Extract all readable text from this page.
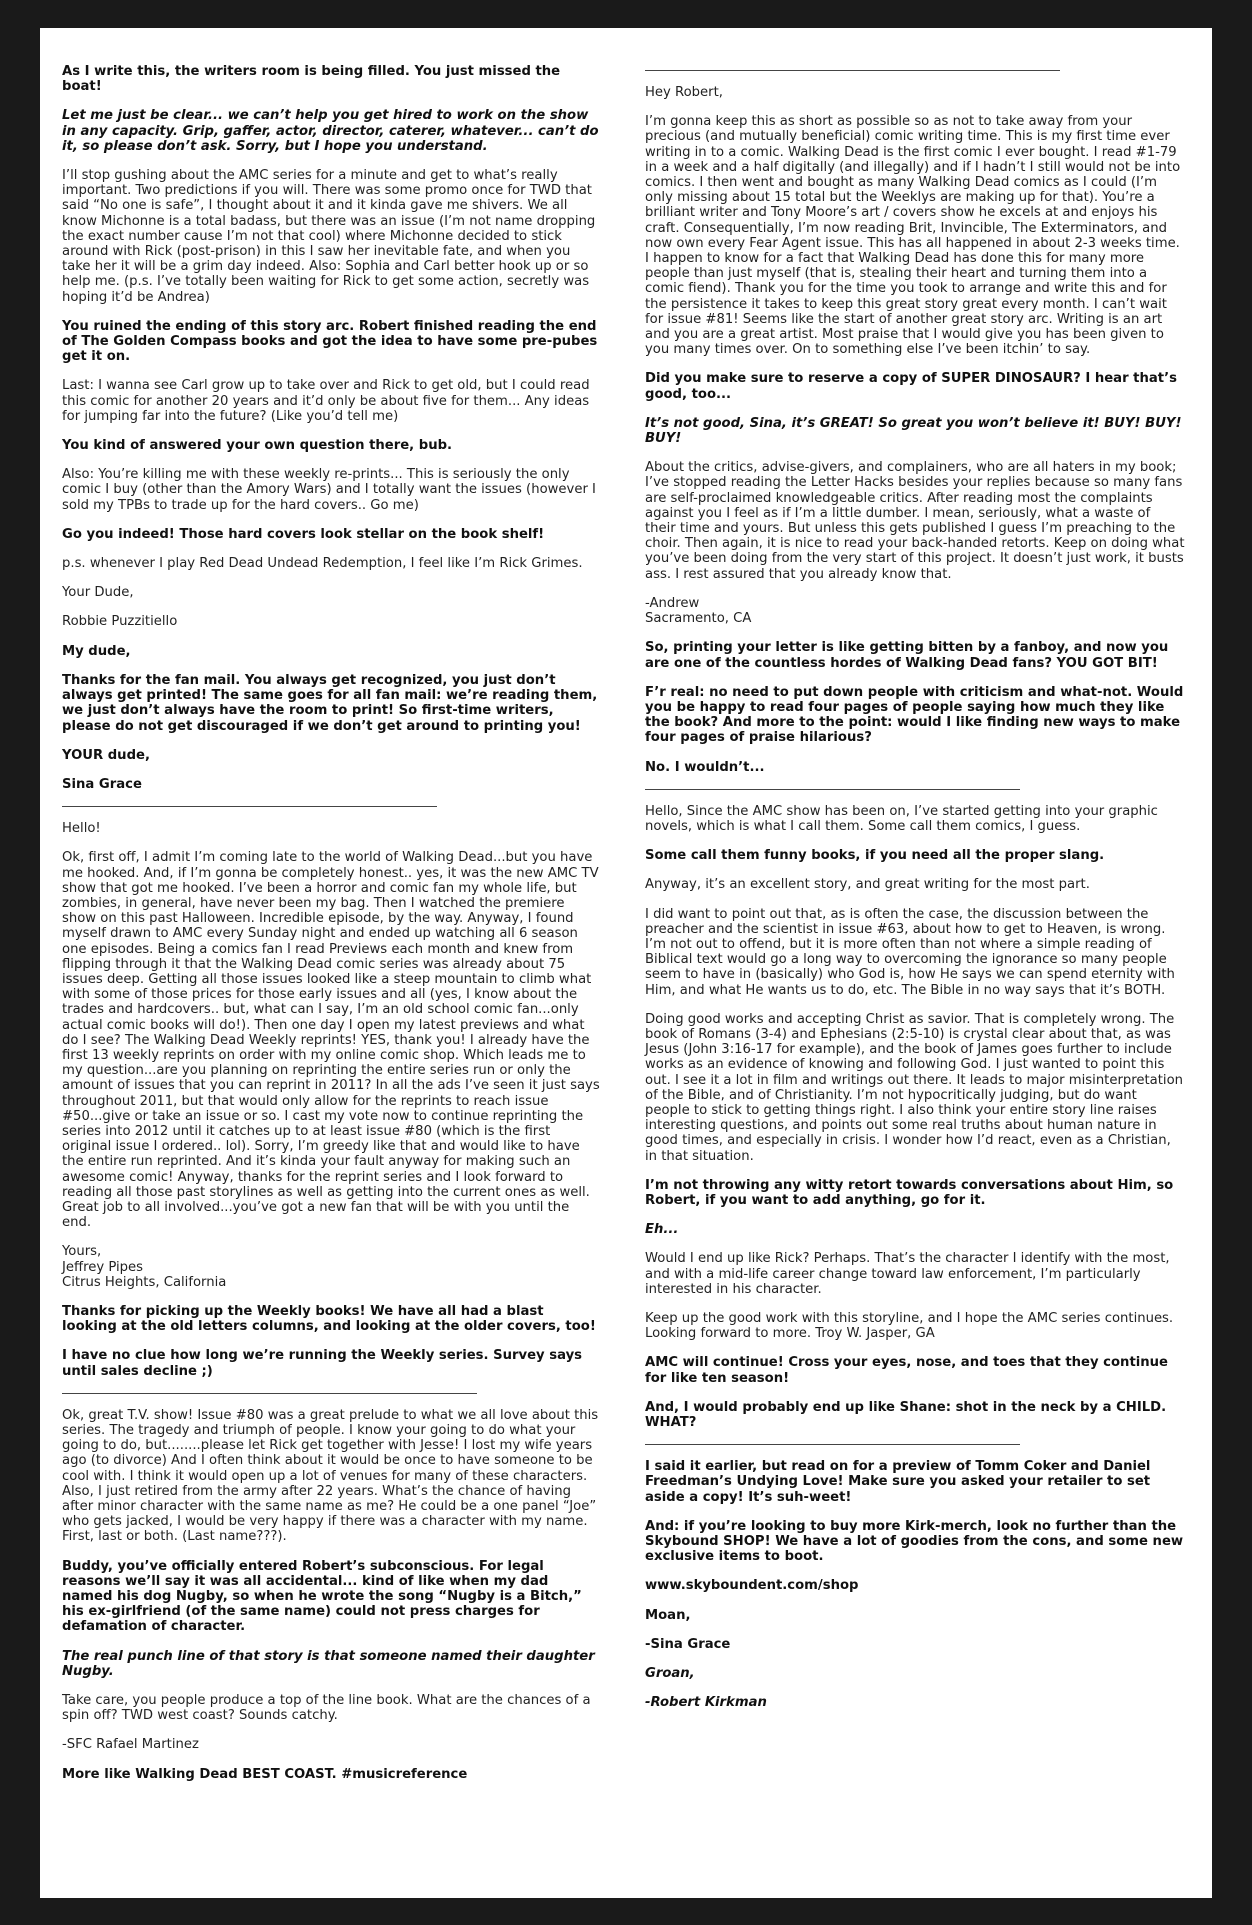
As I write this, the writers room is being filled. You just missed the boat!

Let me just be clear... we can’t help you get hired to work on the show in any capacity. Grip, gaffer, actor, director, caterer, whatever... can’t do it, so please don’t ask. Sorry, but I hope you understand.

I’ll stop gushing about the AMC series for a minute and get to what’s really important. Two predictions if you will. There was some promo once for TWD that said “No one is safe”, I thought about it and it kinda gave me shivers. We all know Michonne is a total badass, but there was an issue (I’m not name dropping the exact number cause I’m not that cool) where Michonne decided to stick around with Rick (post-prison) in this I saw her inevitable fate, and when you take her it will be a grim day indeed. Also: Sophia and Carl better hook up or so help me. (p.s. I’ve totally been waiting for Rick to get some action, secretly was hoping it’d be Andrea)

You ruined the ending of this story arc. Robert finished reading the end of The Golden Compass books and got the idea to have some pre-pubes get it on.

Last: I wanna see Carl grow up to take over and Rick to get old, but I could read this comic for another 20 years and it’d only be about five for them... Any ideas for jumping far into the future? (Like you’d tell me)

You kind of answered your own question there, bub.

Also: You’re killing me with these weekly re-prints... This is seriously the only comic I buy (other than the Amory Wars) and I totally want the issues (however I sold my TPBs to trade up for the hard covers.. Go me)

Go you indeed! Those hard covers look stellar on the book shelf!

p.s. whenever I play Red Dead Undead Redemption, I feel like I’m Rick Grimes.

Your Dude,

Robbie Puzzitiello

My dude,

Thanks for the fan mail. You always get recognized, you just don’t always get printed! The same goes for all fan mail: we’re reading them, we just don’t always have the room to print! So first-time writers, please do not get discouraged if we don’t get around to printing you!

YOUR dude,

Sina Grace

Hello!

Ok, first off, I admit I’m coming late to the world of Walking Dead...but you have me hooked. And, if I’m gonna be completely honest.. yes, it was the new AMC TV show that got me hooked. I’ve been a horror and comic fan my whole life, but zombies, in general, have never been my bag. Then I watched the premiere show on this past Halloween. Incredible episode, by the way. Anyway, I found myself drawn to AMC every Sunday night and ended up watching all 6 season one episodes. Being a comics fan I read Previews each month and knew from flipping through it that the Walking Dead comic series was already about 75 issues deep. Getting all those issues looked like a steep mountain to climb what with some of those prices for those early issues and all (yes, I know about the trades and hardcovers.. but, what can I say, I’m an old school comic fan...only actual comic books will do!). Then one day I open my latest previews and what do I see? The Walking Dead Weekly reprints! YES, thank you! I already have the first 13 weekly reprints on order with my online comic shop. Which leads me to my question...are you planning on reprinting the entire series run or only the amount of issues that you can reprint in 2011? In all the ads I’ve seen it just says throughout 2011, but that would only allow for the reprints to reach issue #50...give or take an issue or so. I cast my vote now to continue reprinting the series into 2012 until it catches up to at least issue #80 (which is the first original issue I ordered.. lol). Sorry, I’m greedy like that and would like to have the entire run reprinted. And it’s kinda your fault anyway for making such an awesome comic! Anyway, thanks for the reprint series and I look forward to reading all those past storylines as well as getting into the current ones as well. Great job to all involved...you’ve got a new fan that will be with you until the end.

Yours,
Jeffrey Pipes
Citrus Heights, California

Thanks for picking up the Weekly books! We have all had a blast looking at the old letters columns, and looking at the older covers, too!

I have no clue how long we’re running the Weekly series. Survey says until sales decline ;)

Ok, great T.V. show! Issue #80 was a great prelude to what we all love about this series. The tragedy and triumph of people. I know your going to do what your going to do, but........please let Rick get together with Jesse! I lost my wife years ago (to divorce) And I often think about it would be once to have someone to be cool with. I think it would open up a lot of venues for many of these characters. Also, I just retired from the army after 22 years. What’s the chance of having after minor character with the same name as me? He could be a one panel “Joe” who gets jacked, I would be very happy if there was a character with my name. First, last or both. (Last name???).

Buddy, you’ve officially entered Robert’s subconscious. For legal reasons we’ll say it was all accidental... kind of like when my dad named his dog Nugby, so when he wrote the song “Nugby is a Bitch,” his ex-girlfriend (of the same name) could not press charges for defamation of character.

The real punch line of that story is that someone named their daughter Nugby.

Take care, you people produce a top of the line book. What are the chances of a spin off? TWD west coast? Sounds catchy.

-SFC Rafael Martinez

More like Walking Dead BEST COAST. #musicreference

Hey Robert,

I’m gonna keep this as short as possible so as not to take away from your precious (and mutually beneficial) comic writing time. This is my first time ever writing in to a comic. Walking Dead is the first comic I ever bought. I read #1-79 in a week and a half digitally (and illegally) and if I hadn’t I still would not be into comics. I then went and bought as many Walking Dead comics as I could (I’m only missing about 15 total but the Weeklys are making up for that). You’re a brilliant writer and Tony Moore’s art / covers show he excels at and enjoys his craft. Consequentially, I’m now reading Brit, Invincible, The Exterminators, and now own every Fear Agent issue. This has all happened in about 2-3 weeks time. I happen to know for a fact that Walking Dead has done this for many more people than just myself (that is, stealing their heart and turning them into a comic fiend). Thank you for the time you took to arrange and write this and for the persistence it takes to keep this great story great every month. I can’t wait for issue #81! Seems like the start of another great story arc. Writing is an art and you are a great artist. Most praise that I would give you has been given to you many times over. On to something else I’ve been itchin’ to say.

Did you make sure to reserve a copy of SUPER DINOSAUR? I hear that’s good, too...

It’s not good, Sina, it’s GREAT! So great you won’t believe it! BUY! BUY! BUY!

About the critics, advise-givers, and complainers, who are all haters in my book; I’ve stopped reading the Letter Hacks besides your replies because so many fans are self-proclaimed knowledgeable critics. After reading most the complaints against you I feel as if I’m a little dumber. I mean, seriously, what a waste of their time and yours. But unless this gets published I guess I’m preaching to the choir. Then again, it is nice to read your back-handed retorts. Keep on doing what you’ve been doing from the very start of this project. It doesn’t just work, it busts ass. I rest assured that you already know that.

-Andrew
Sacramento, CA

So, printing your letter is like getting bitten by a fanboy, and now you are one of the countless hordes of Walking Dead fans? YOU GOT BIT!

F’r real: no need to put down people with criticism and what-not. Would you be happy to read four pages of people saying how much they like the book? And more to the point: would I like finding new ways to make four pages of praise hilarious?

No. I wouldn’t...

Hello, Since the AMC show has been on, I’ve started getting into your graphic novels, which is what I call them. Some call them comics, I guess.

Some call them funny books, if you need all the proper slang.

Anyway, it’s an excellent story, and great writing for the most part.

I did want to point out that, as is often the case, the discussion between the preacher and the scientist in issue #63, about how to get to Heaven, is wrong. I’m not out to offend, but it is more often than not where a simple reading of Biblical text would go a long way to overcoming the ignorance so many people seem to have in (basically) who God is, how He says we can spend eternity with Him, and what He wants us to do, etc. The Bible in no way says that it’s BOTH.

Doing good works and accepting Christ as savior. That is completely wrong. The book of Romans (3-4) and Ephesians (2:5-10) is crystal clear about that, as was Jesus (John 3:16-17 for example), and the book of James goes further to include works as an evidence of knowing and following God. I just wanted to point this out. I see it a lot in film and writings out there. It leads to major misinterpretation of the Bible, and of Christianity. I’m not hypocritically judging, but do want people to stick to getting things right. I also think your entire story line raises interesting questions, and points out some real truths about human nature in good times, and especially in crisis. I wonder how I’d react, even as a Christian, in that situation.

I’m not throwing any witty retort towards conversations about Him, so Robert, if you want to add anything, go for it.

Eh...

Would I end up like Rick? Perhaps. That’s the character I identify with the most, and with a mid-life career change toward law enforcement, I’m particularly interested in his character.

Keep up the good work with this storyline, and I hope the AMC series continues. Looking forward to more. Troy W. Jasper, GA

AMC will continue! Cross your eyes, nose, and toes that they continue for like ten season!

And, I would probably end up like Shane: shot in the neck by a CHILD. WHAT?

I said it earlier, but read on for a preview of Tomm Coker and Daniel Freedman’s Undying Love! Make sure you asked your retailer to set aside a copy! It’s suh-weet!

And: if you’re looking to buy more Kirk-merch, look no further than the Skybound SHOP! We have a lot of goodies from the cons, and some new exclusive items to boot.

www.skyboundent.com/shop

Moan,

-Sina Grace

Groan,

-Robert Kirkman
